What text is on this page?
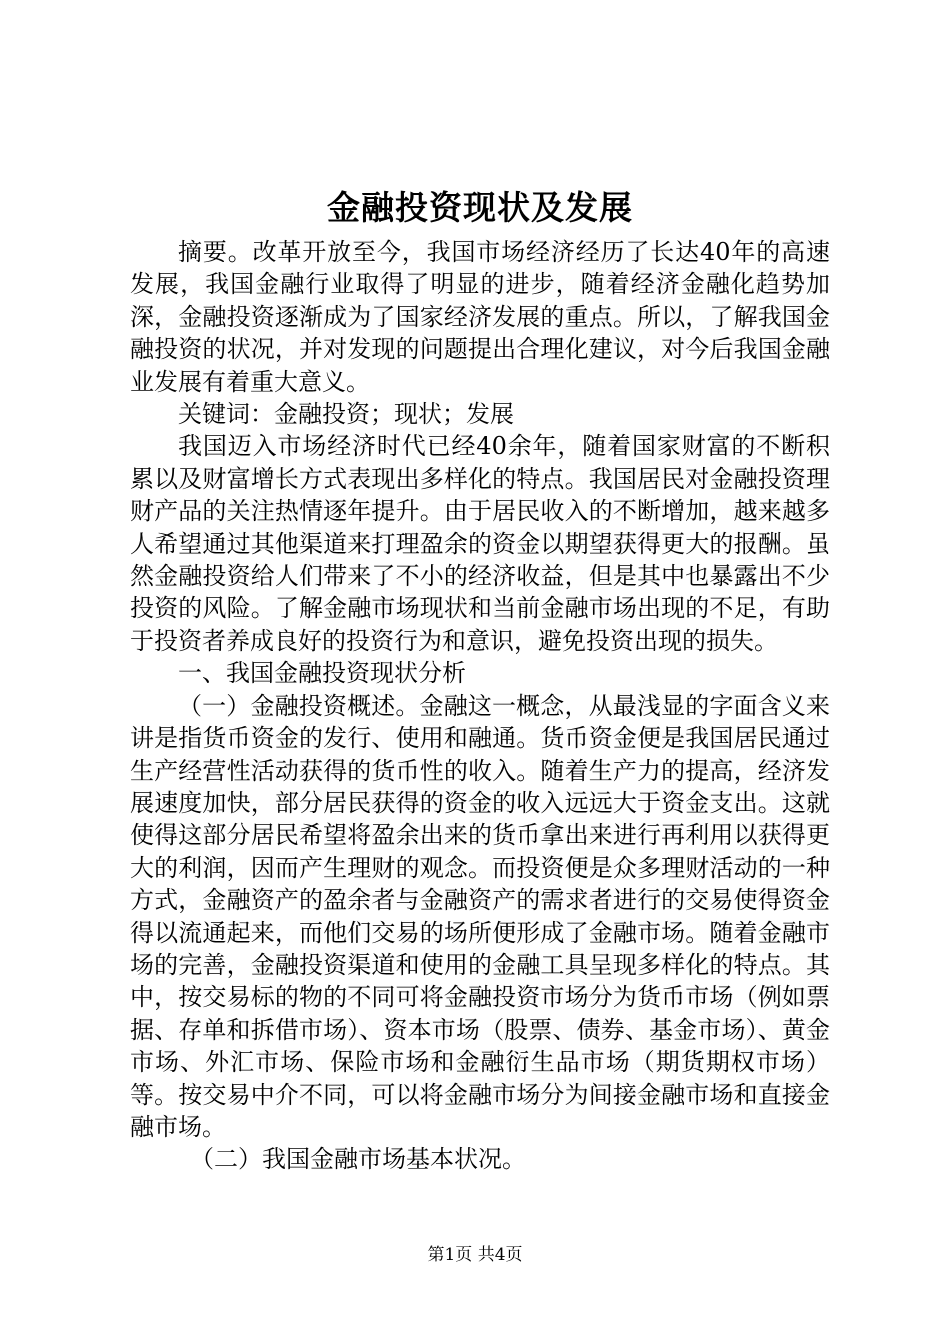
金融投资现状及发展

摘要。改革开放至今，我国市场经济经历了长达40年的高速发展，我国金融行业取得了明显的进步，随着经济金融化趋势加深，金融投资逐渐成为了国家经济发展的重点。所以，了解我国金融投资的状况，并对发现的问题提出合理化建议，对今后我国金融业发展有着重大意义。

关键词：金融投资；现状；发展

我国迈入市场经济时代已经40余年，随着国家财富的不断积累以及财富增长方式表现出多样化的特点。我国居民对金融投资理财产品的关注热情逐年提升。由于居民收入的不断增加，越来越多人希望通过其他渠道来打理盈余的资金以期望获得更大的报酬。虽然金融投资给人们带来了不小的经济收益，但是其中也暴露出不少投资的风险。了解金融市场现状和当前金融市场出现的不足，有助于投资者养成良好的投资行为和意识，避免投资出现的损失。

一、我国金融投资现状分析

（一）金融投资概述。金融这一概念，从最浅显的字面含义来讲是指货币资金的发行、使用和融通。货币资金便是我国居民通过生产经营性活动获得的货币性的收入。随着生产力的提高，经济发展速度加快，部分居民获得的资金的收入远远大于资金支出。这就使得这部分居民希望将盈余出来的货币拿出来进行再利用以获得更大的利润，因而产生理财的观念。而投资便是众多理财活动的一种方式，金融资产的盈余者与金融资产的需求者进行的交易使得资金得以流通起来，而他们交易的场所便形成了金融市场。随着金融市场的完善，金融投资渠道和使用的金融工具呈现多样化的特点。其中，按交易标的物的不同可将金融投资市场分为货币市场（例如票据、存单和拆借市场）、资本市场（股票、债券、基金市场）、黄金市场、外汇市场、保险市场和金融衍生品市场（期货期权市场）等。按交易中介不同，可以将金融市场分为间接金融市场和直接金融市场。

（二）我国金融市场基本状况。

第1页 共4页
